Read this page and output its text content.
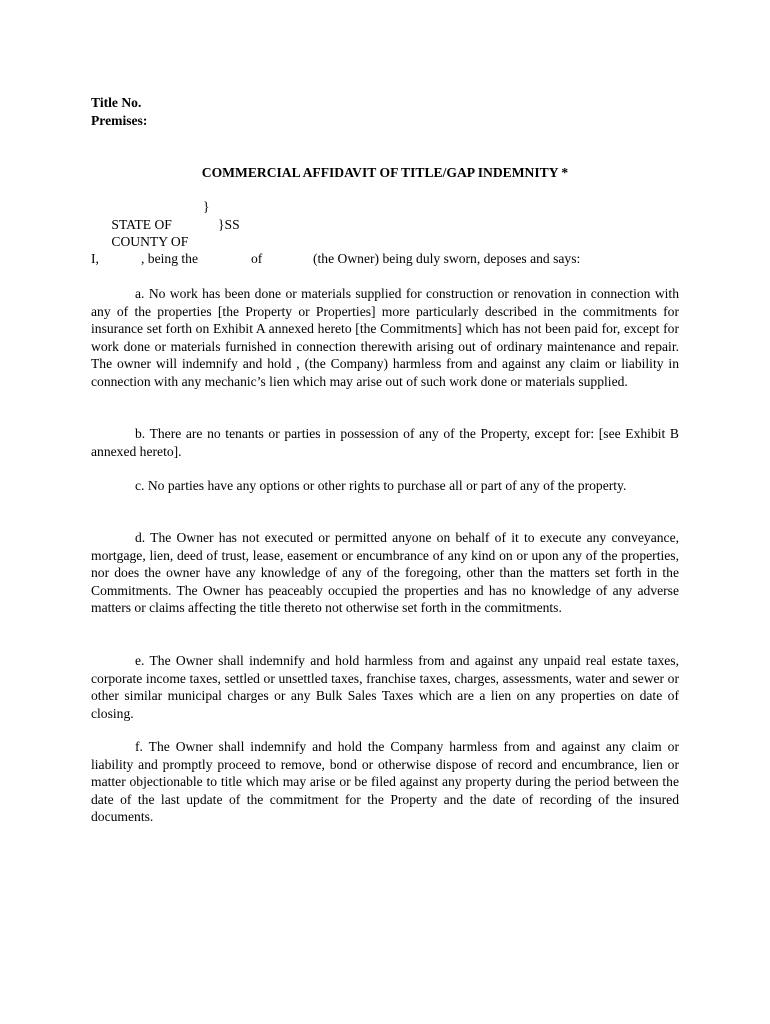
Title No.
Premises:
COMMERCIAL AFFIDAVIT OF TITLE/GAP INDEMNITY *

STATE OF

}

COUNTY OF

}SS

I,

	, being the

	of

	(the Owner) being duly sworn, deposes and says:

a. No work has been done or materials supplied for construction or renovation in connection with any of the properties [the Property or Properties] more particularly described in the commitments for insurance set forth on Exhibit A annexed hereto [the Commitments] which has not been paid for, except for work done or materials furnished in connection therewith arising out of ordinary maintenance and repair. The owner will indemnify and hold , (the Company) harmless from and against any claim or liability in connection with any mechanic’s lien which may arise out of such work done or materials supplied.
b. There are no tenants or parties in possession of any of the Property, except for: [see Exhibit B annexed hereto].
c. No parties have any options or other rights to purchase all or part of any of the property.
d. The Owner has not executed or permitted anyone on behalf of it to execute any conveyance, mortgage, lien, deed of trust, lease, easement or encumbrance of any kind on or upon any of the properties, nor does the owner have any knowledge of any of the foregoing, other than the matters set forth in the Commitments. The Owner has peaceably occupied the properties and has no knowledge of any adverse matters or claims affecting the title thereto not otherwise set forth in the commitments.
e. The Owner shall indemnify and hold harmless from and against any unpaid real estate taxes, corporate income taxes, settled or unsettled taxes, franchise taxes, charges, assessments, water and sewer or other similar municipal charges or any Bulk Sales Taxes which are a lien on any properties on date of closing.
f. The Owner shall indemnify and hold the Company harmless from and against any claim or liability and promptly proceed to remove, bond or otherwise dispose of record and encumbrance, lien or matter objectionable to title which may arise or be filed against any property during the period between the date of the last update of the commitment for the Property and the date of recording of the insured documents.
